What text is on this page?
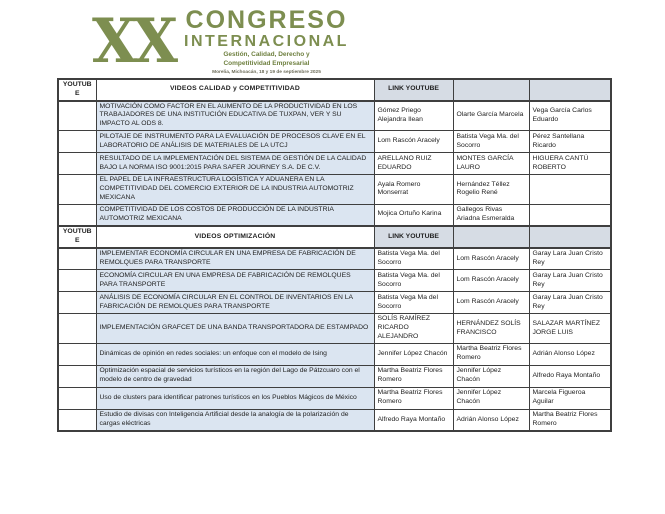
XX CONGRESO
INTERNACIONAL
Gestión, Calidad, Derecho y
Competitividad Empresarial
Morelia, Michoacán, 18 y 19 de septiembre 2025
YOUTUBE	VIDEOS CALIDAD y COMPETITIVIDAD	LINK YOUTUBE		
	MOTIVACIÓN COMO FACTOR EN EL AUMENTO DE LA PRODUCTIVIDAD EN LOS TRABAJADORES DE UNA INSTITUCIÓN EDUCATIVA DE TUXPAN, VER Y SU IMPACTO AL ODS 8.	Gómez Priego Alejandra Ilean	Olarte García Marcela	Vega García Carlos Eduardo
	PILOTAJE DE INSTRUMENTO PARA LA EVALUACIÓN DE PROCESOS CLAVE EN EL LABORATORIO DE ANÁLISIS DE MATERIALES DE LA UTCJ	Lom Rascón Aracely	Batista Vega Ma. del Socorro	Pérez Santellana Ricardo
	RESULTADO DE LA IMPLEMENTACIÓN DEL SISTEMA DE GESTIÓN DE LA CALIDAD BAJO LA NORMA ISO 9001:2015 PARA SAFER JOURNEY S.A. DE C.V.	ARELLANO RUIZ EDUARDO	MONTES GARCÍA LAURO	HIGUERA CANTÚ ROBERTO
	EL PAPEL DE LA INFRAESTRUCTURA LOGÍSTICA Y ADUANERA EN LA COMPETITIVIDAD DEL COMERCIO EXTERIOR DE LA INDUSTRIA AUTOMOTRIZ MEXICANA	Ayala Romero Monserrat	Hernández Téllez Rogelio René	
	COMPETITIVIDAD DE LOS COSTOS DE PRODUCCIÓN DE LA INDUSTRIA AUTOMOTRIZ MEXICANA	Mojica Ortuño Karina	Gallegos Rivas Ariadna Esmeralda	
YOUTUBE	VIDEOS OPTIMIZACIÓN	LINK YOUTUBE		
	IMPLEMENTAR ECONOMÍA CIRCULAR EN UNA EMPRESA DE FABRICACIÓN DE REMOLQUES PARA TRANSPORTE	Batista Vega Ma. del Socorro	Lom Rascón Aracely	Garay Lara Juan Cristo Rey
	ECONOMÍA CIRCULAR EN UNA EMPRESA DE FABRICACIÓN DE REMOLQUES PARA TRANSPORTE	Batista Vega Ma. del Socorro	Lom Rascón Aracely	Garay Lara Juan Cristo Rey
	ANÁLISIS DE ECONOMÍA CIRCULAR EN EL CONTROL DE INVENTARIOS EN LA FABRICACIÓN DE REMOLQUES PARA TRANSPORTE	Batista Vega Ma del Socorro	Lom Rascón Aracely	Garay Lara Juan Cristo Rey
	IMPLEMENTACIÓN GRAFCET DE UNA BANDA TRANSPORTADORA DE ESTAMPADO	SOLÍS RAMÍREZ RICARDO ALEJANDRO	HERNÁNDEZ SOLÍS FRANCISCO	SALAZAR MARTÍNEZ JORGE LUIS
	Dinámicas de opinión en redes sociales: un enfoque con el modelo de Ising	Jennifer López Chacón	Martha Beatriz Flores Romero	Adrián Alonso López
	Optimización espacial de servicios turísticos en la región del Lago de Pátzcuaro con el modelo de centro de gravedad	Martha Beatriz Flores Romero	Jennifer López Chacón	Alfredo Raya Montaño
	Uso de clusters para identificar patrones turísticos en los Pueblos Mágicos de México	Martha Beatriz Flores Romero	Jennifer López Chacón	Marcela Figueroa Aguilar
	Estudio de divisas con Inteligencia Artificial desde la analogía de la polarización de cargas eléctricas	Alfredo Raya Montaño	Adrián Alonso López	Martha Beatriz Flores Romero
